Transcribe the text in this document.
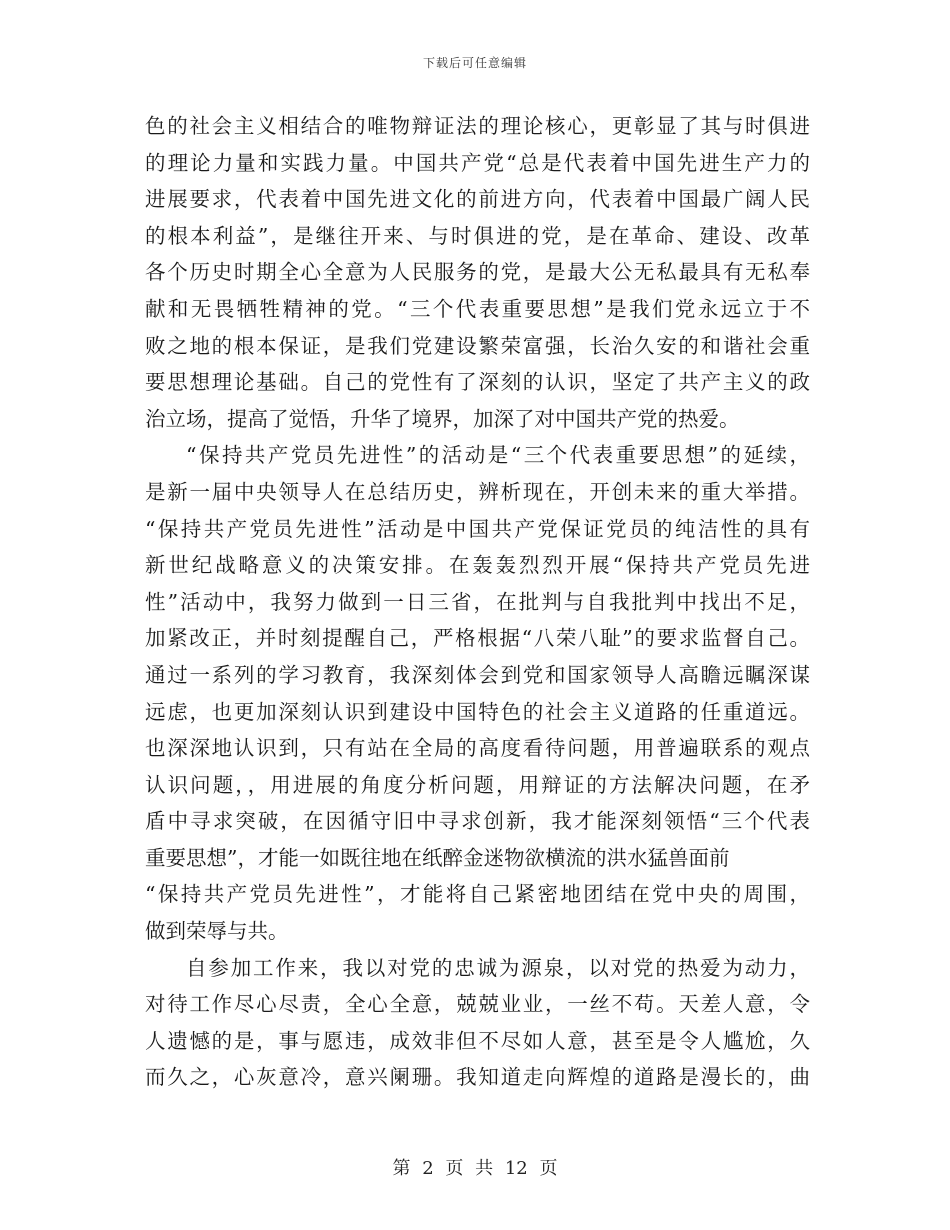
下载后可任意编辑
色的社会主义相结合的唯物辩证法的理论核心，更彰显了其与时俱进
的理论力量和实践力量。中国共产党“总是代表着中国先进生产力的
进展要求，代表着中国先进文化的前进方向，代表着中国最广阔人民
的根本利益”，是继往开来、与时俱进的党，是在革命、建设、改革
各个历史时期全心全意为人民服务的党，是最大公无私最具有无私奉
献和无畏牺牲精神的党。“三个代表重要思想”是我们党永远立于不
败之地的根本保证，是我们党建设繁荣富强，长治久安的和谐社会重
要思想理论基础。自己的党性有了深刻的认识，坚定了共产主义的政
治立场，提高了觉悟，升华了境界，加深了对中国共产党的热爱。
“保持共产党员先进性”的活动是“三个代表重要思想”的延续，
是新一届中央领导人在总结历史，辨析现在，开创未来的重大举措。
“保持共产党员先进性”活动是中国共产党保证党员的纯洁性的具有
新世纪战略意义的决策安排。在轰轰烈烈开展“保持共产党员先进
性”活动中，我努力做到一日三省，在批判与自我批判中找出不足，
加紧改正，并时刻提醒自己，严格根据“八荣八耻”的要求监督自己。
通过一系列的学习教育，我深刻体会到党和国家领导人高瞻远瞩深谋
远虑，也更加深刻认识到建设中国特色的社会主义道路的任重道远。
也深深地认识到，只有站在全局的高度看待问题，用普遍联系的观点
认识问题，，用进展的角度分析问题，用辩证的方法解决问题，在矛
盾中寻求突破，在因循守旧中寻求创新，我才能深刻领悟“三个代表
重要思想”，才能一如既往地在纸醉金迷物欲横流的洪水猛兽面前
“保持共产党员先进性”，才能将自己紧密地团结在党中央的周围，
做到荣辱与共。
自参加工作来，我以对党的忠诚为源泉，以对党的热爱为动力，
对待工作尽心尽责，全心全意，兢兢业业，一丝不苟。天差人意，令
人遗憾的是，事与愿违，成效非但不尽如人意，甚至是令人尴尬，久
而久之，心灰意冷，意兴阑珊。我知道走向辉煌的道路是漫长的，曲
第 2 页 共 12 页
